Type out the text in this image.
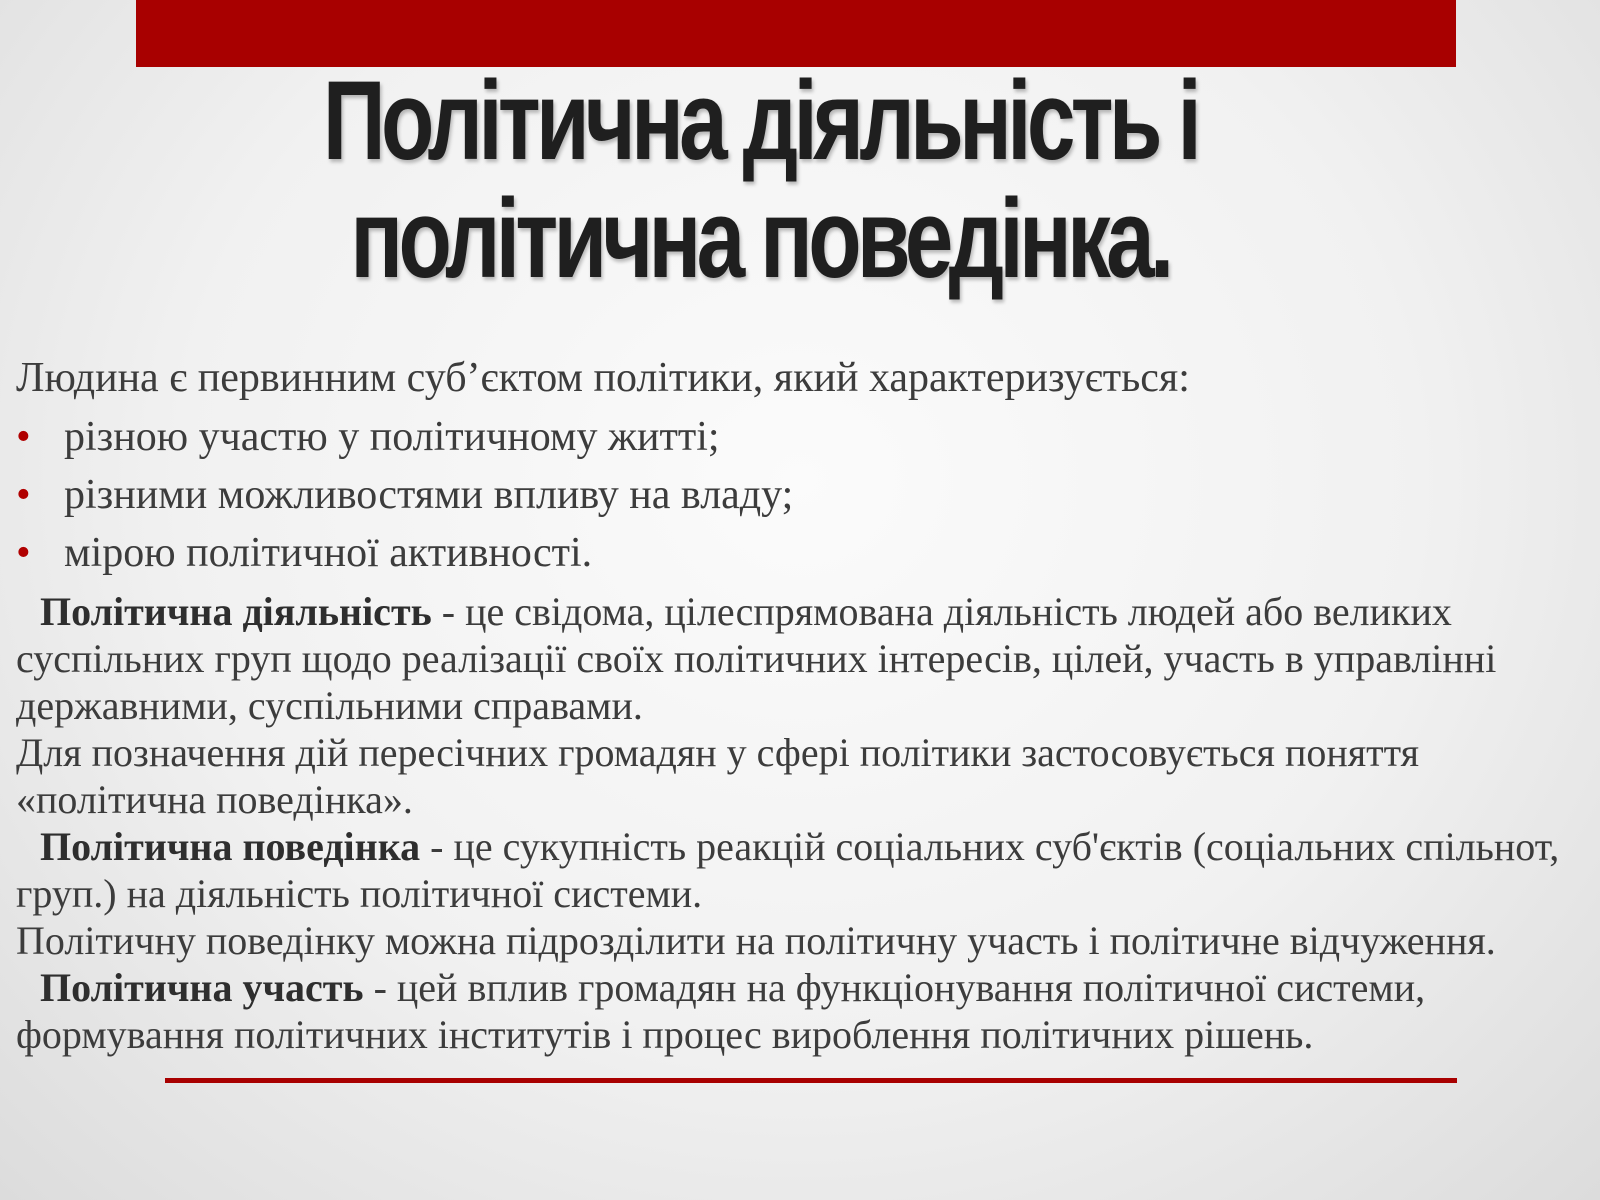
Політична діяльність і
політична поведінка.
Людина є первинним суб’єктом політики, який характеризується:
• різною участю у політичному житті;
• різними можливостями впливу на владу;
• мірою політичної активності.

Політична діяльність - це свідома, цілеспрямована діяльність людей або великих суспільних груп щодо реалізації своїх політичних інтересів, цілей, участь в управлінні державними, суспільними справами.

Для позначення дій пересічних громадян у сфері політики застосовується поняття «політична поведінка».

Політична поведінка - це сукупність реакцій соціальних суб'єктів (соціальних спільнот, груп.) на діяльність політичної системи.

Політичну поведінку можна підрозділити на політичну участь і політичне відчуження.

Політична участь - цей вплив громадян на функціонування політичної системи, формування політичних інститутів і процес вироблення політичних рішень.
